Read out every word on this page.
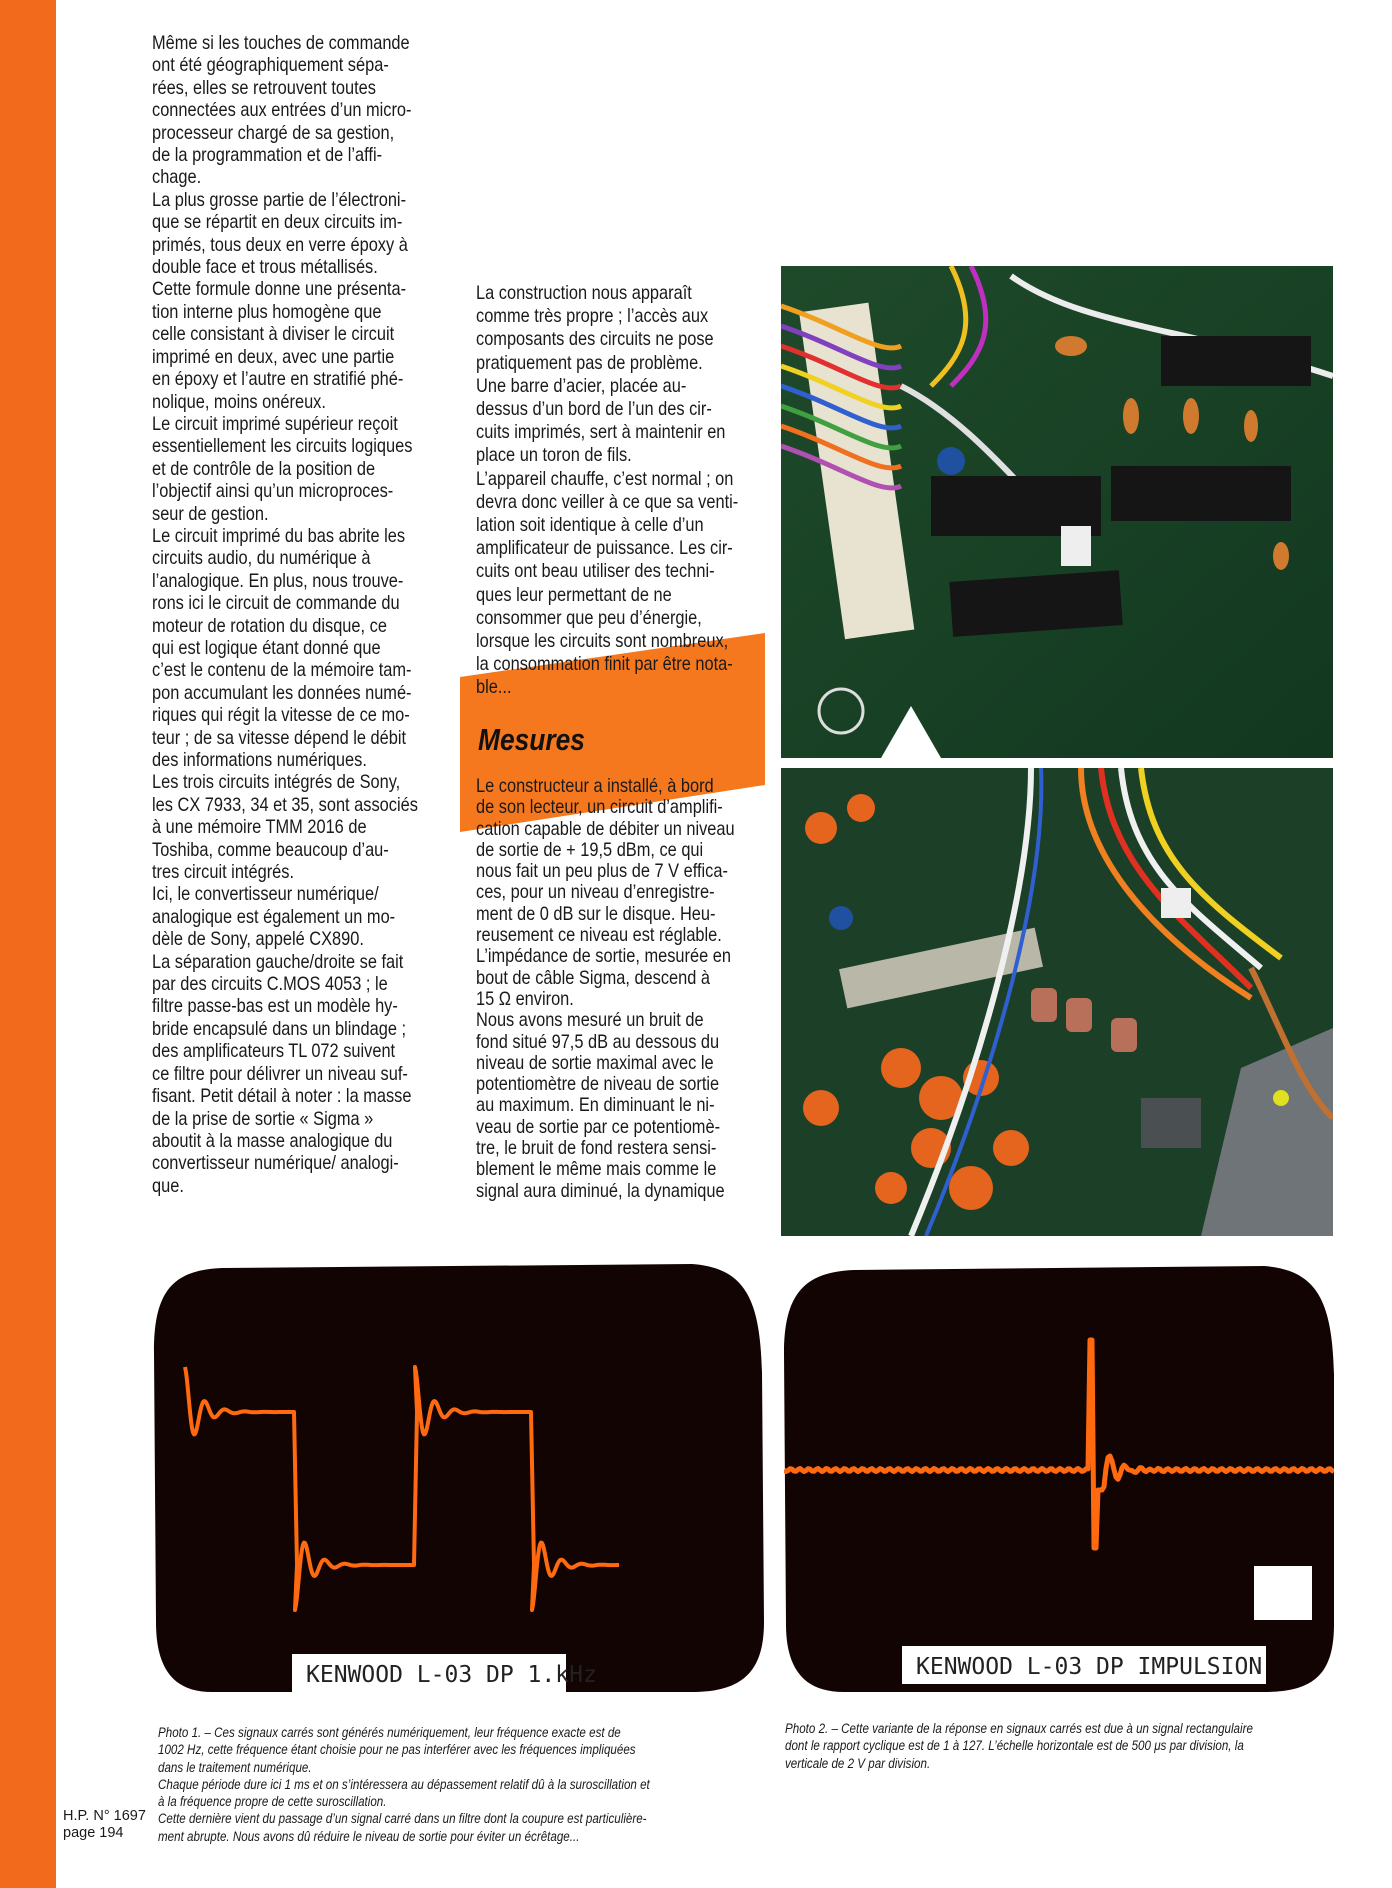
Même si les touches de commande
ont été géographiquement sépa-
rées, elles se retrouvent toutes
connectées aux entrées d’un micro-
processeur chargé de sa gestion,
de la programmation et de l’affi-
chage.
La plus grosse partie de l’électroni-
que se répartit en deux circuits im-
primés, tous deux en verre époxy à
double face et trous métallisés.
Cette formule donne une présenta-
tion interne plus homogène que
celle consistant à diviser le circuit
imprimé en deux, avec une partie
en époxy et l’autre en stratifié phé-
nolique, moins onéreux.
Le circuit imprimé supérieur reçoit
essentiellement les circuits logiques
et de contrôle de la position de
l’objectif ainsi qu’un microproces-
seur de gestion.
Le circuit imprimé du bas abrite les
circuits audio, du numérique à
l’analogique. En plus, nous trouve-
rons ici le circuit de commande du
moteur de rotation du disque, ce
qui est logique étant donné que
c’est le contenu de la mémoire tam-
pon accumulant les données numé-
riques qui régit la vitesse de ce mo-
teur ; de sa vitesse dépend le débit
des informations numériques.
Les trois circuits intégrés de Sony,
les CX 7933, 34 et 35, sont associés
à une mémoire TMM 2016 de
Toshiba, comme beaucoup d’au-
tres circuit intégrés.
Ici, le convertisseur numérique/
analogique est également un mo-
dèle de Sony, appelé CX890.
La séparation gauche/droite se fait
par des circuits C.MOS 4053 ; le
filtre passe-bas est un modèle hy-
bride encapsulé dans un blindage ;
des amplificateurs TL 072 suivent
ce filtre pour délivrer un niveau suf-
fisant. Petit détail à noter : la masse
de la prise de sortie « Sigma »
aboutit à la masse analogique du
convertisseur numérique/ analogi-
que.
La construction nous apparaît
comme très propre ; l’accès aux
composants des circuits ne pose
pratiquement pas de problème.
Une barre d’acier, placée au-
dessus d’un bord de l’un des cir-
cuits imprimés, sert à maintenir en
place un toron de fils.
L’appareil chauffe, c’est normal ; on
devra donc veiller à ce que sa venti-
lation soit identique à celle d’un
amplificateur de puissance. Les cir-
cuits ont beau utiliser des techni-
ques leur permettant de ne
consommer que peu d’énergie,
lorsque les circuits sont nombreux,
la consommation finit par être nota-
ble...
Mesures
Le constructeur a installé, à bord
de son lecteur, un circuit d’amplifi-
cation capable de débiter un niveau
de sortie de + 19,5 dBm, ce qui
nous fait un peu plus de 7 V effica-
ces, pour un niveau d’enregistre-
ment de 0 dB sur le disque. Heu-
reusement ce niveau est réglable.
L’impédance de sortie, mesurée en
bout de câble Sigma, descend à
15 Ω environ.
Nous avons mesuré un bruit de
fond situé 97,5 dB au dessous du
niveau de sortie maximal avec le
potentiomètre de niveau de sortie
au maximum. En diminuant le ni-
veau de sortie par ce potentiomè-
tre, le bruit de fond restera sensi-
blement le même mais comme le
signal aura diminué, la dynamique
KENWOOD L-03 DP 1.kHz	KENWOOD L-03 DP IMPULSION
Photo 1. – Ces signaux carrés sont générés numériquement, leur fréquence exacte est de
1002 Hz, cette fréquence étant choisie pour ne pas interférer avec les fréquences impliquées
dans le traitement numérique.
Chaque période dure ici 1 ms et on s’intéressera au dépassement relatif dû à la suroscillation et
à la fréquence propre de cette suroscillation.
Cette dernière vient du passage d’un signal carré dans un filtre dont la coupure est particulière-
ment abrupte. Nous avons dû réduire le niveau de sortie pour éviter un écrêtage...
Photo 2. – Cette variante de la réponse en signaux carrés est due à un signal rectangulaire
dont le rapport cyclique est de 1 à 127. L’échelle horizontale est de 500 μs par division, la
verticale de 2 V par division.
H.P. N° 1697
page 194
